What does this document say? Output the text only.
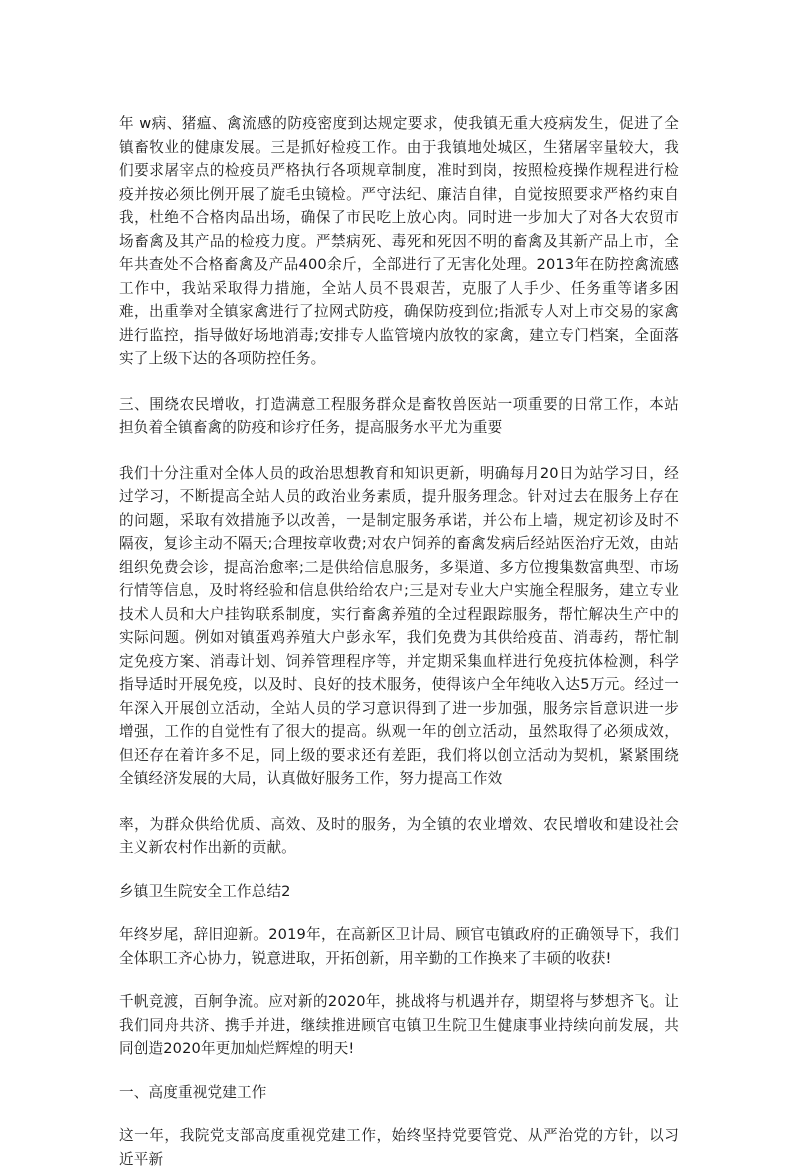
年 w病、猪瘟、禽流感的防疫密度到达规定要求，使我镇无重大疫病发生，促进了全镇畜牧业的健康发展。三是抓好检疫工作。由于我镇地处城区，生猪屠宰量较大，我们要求屠宰点的检疫员严格执行各项规章制度，准时到岗，按照检疫操作规程进行检疫并按必须比例开展了旋毛虫镜检。严守法纪、廉洁自律，自觉按照要求严格约束自我，杜绝不合格肉品出场，确保了市民吃上放心肉。同时进一步加大了对各大农贸市场畜禽及其产品的检疫力度。严禁病死、毒死和死因不明的畜禽及其新产品上市，全年共查处不合格畜禽及产品400余斤，全部进行了无害化处理。2013年在防控禽流感工作中，我站采取得力措施，全站人员不畏艰苦，克服了人手少、任务重等诸多困难，出重拳对全镇家禽进行了拉网式防疫，确保防疫到位;指派专人对上市交易的家禽进行监控，指导做好场地消毒;安排专人监管境内放牧的家禽，建立专门档案，全面落实了上级下达的各项防控任务。

三、围绕农民增收，打造满意工程服务群众是畜牧兽医站一项重要的日常工作，本站担负着全镇畜禽的防疫和诊疗任务，提高服务水平尤为重要

我们十分注重对全体人员的政治思想教育和知识更新，明确每月20日为站学习日，经过学习，不断提高全站人员的政治业务素质，提升服务理念。针对过去在服务上存在的问题，采取有效措施予以改善，一是制定服务承诺，并公布上墙，规定初诊及时不隔夜，复诊主动不隔天;合理按章收费;对农户饲养的畜禽发病后经站医治疗无效，由站组织免费会诊，提高治愈率;二是供给信息服务，多渠道、多方位搜集数富典型、市场行情等信息，及时将经验和信息供给给农户;三是对专业大户实施全程服务，建立专业技术人员和大户挂钩联系制度，实行畜禽养殖的全过程跟踪服务，帮忙解决生产中的实际问题。例如对镇蛋鸡养殖大户彭永军，我们免费为其供给疫苗、消毒药，帮忙制定免疫方案、消毒计划、饲养管理程序等，并定期采集血样进行免疫抗体检测，科学指导适时开展免疫，以及时、良好的技术服务，使得该户全年纯收入达5万元。经过一年深入开展创立活动，全站人员的学习意识得到了进一步加强，服务宗旨意识进一步增强，工作的自觉性有了很大的提高。纵观一年的创立活动，虽然取得了必须成效，但还存在着许多不足，同上级的要求还有差距，我们将以创立活动为契机，紧紧围绕全镇经济发展的大局，认真做好服务工作，努力提高工作效

率，为群众供给优质、高效、及时的服务，为全镇的农业增效、农民增收和建设社会主义新农村作出新的贡献。

乡镇卫生院安全工作总结2

年终岁尾，辞旧迎新。2019年，在高新区卫计局、顾官屯镇政府的正确领导下，我们全体职工齐心协力，锐意进取，开拓创新，用辛勤的工作换来了丰硕的收获!

千帆竞渡，百舸争流。应对新的2020年，挑战将与机遇并存，期望将与梦想齐飞。让我们同舟共济、携手并进，继续推进顾官屯镇卫生院卫生健康事业持续向前发展，共同创造2020年更加灿烂辉煌的明天!

一、高度重视党建工作

这一年，我院党支部高度重视党建工作，始终坚持党要管党、从严治党的方针，以习近平新
